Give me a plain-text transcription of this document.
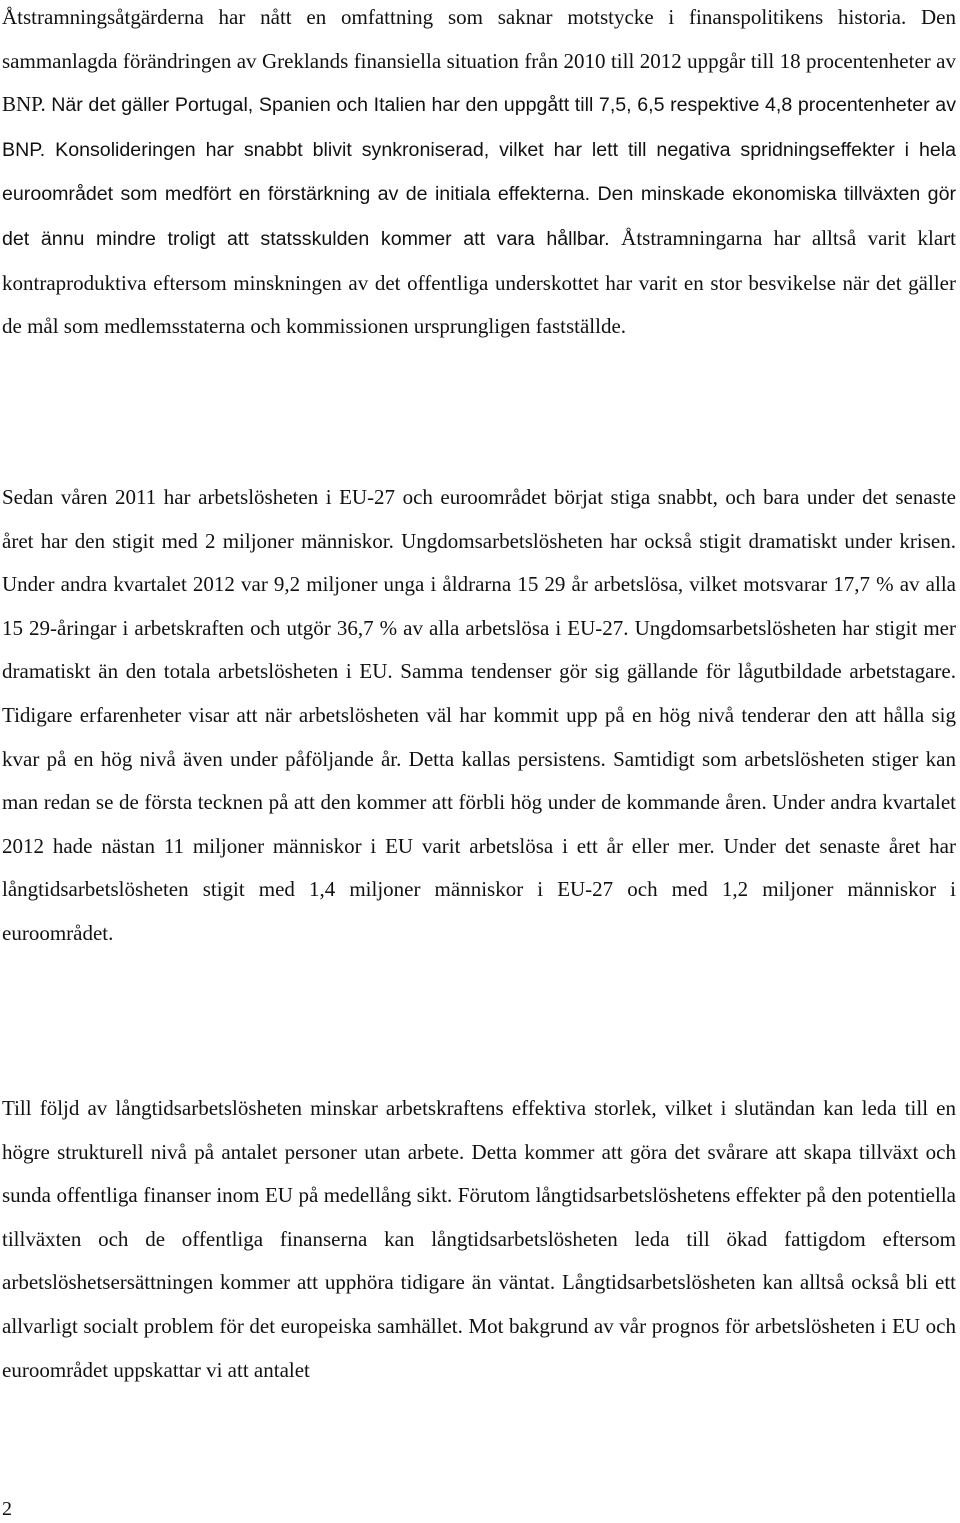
Åtstramningsåtgärderna har nått en omfattning som saknar motstycke i finanspolitikens historia. Den sammanlagda förändringen av Greklands finansiella situation från 2010 till 2012 uppgår till 18 procentenheter av BNP. När det gäller Portugal, Spanien och Italien har den uppgått till 7,5, 6,5 respektive 4,8 procentenheter av BNP. Konsolideringen har snabbt blivit synkroniserad, vilket har lett till negativa spridningseffekter i hela euroområdet som medfört en förstärkning av de initiala effekterna. Den minskade ekonomiska tillväxten gör det ännu mindre troligt att statsskulden kommer att vara hållbar. Åtstramningarna har alltså varit klart kontraproduktiva eftersom minskningen av det offentliga underskottet har varit en stor besvikelse när det gäller de mål som medlemsstaterna och kommissionen ursprungligen fastställde.

Sedan våren 2011 har arbetslösheten i EU-27 och euroområdet börjat stiga snabbt, och bara under det senaste året har den stigit med 2 miljoner människor. Ungdomsarbetslösheten har också stigit dramatiskt under krisen. Under andra kvartalet 2012 var 9,2 miljoner unga i åldrarna 15 29 år arbetslösa, vilket motsvarar 17,7 % av alla 15 29-åringar i arbetskraften och utgör 36,7 % av alla arbetslösa i EU-27. Ungdomsarbetslösheten har stigit mer dramatiskt än den totala arbetslösheten i EU. Samma tendenser gör sig gällande för lågutbildade arbetstagare. Tidigare erfarenheter visar att när arbetslösheten väl har kommit upp på en hög nivå tenderar den att hålla sig kvar på en hög nivå även under påföljande år. Detta kallas persistens. Samtidigt som arbetslösheten stiger kan man redan se de första tecknen på att den kommer att förbli hög under de kommande åren. Under andra kvartalet 2012 hade nästan 11 miljoner människor i EU varit arbetslösa i ett år eller mer. Under det senaste året har långtidsarbetslösheten stigit med 1,4 miljoner människor i EU-27 och med 1,2 miljoner människor i euroområdet.

Till följd av långtidsarbetslösheten minskar arbetskraftens effektiva storlek, vilket i slutändan kan leda till en högre strukturell nivå på antalet personer utan arbete. Detta kommer att göra det svårare att skapa tillväxt och sunda offentliga finanser inom EU på medellång sikt. Förutom långtidsarbetslöshetens effekter på den potentiella tillväxten och de offentliga finanserna kan långtidsarbetslösheten leda till ökad fattigdom eftersom arbetslöshetsersättningen kommer att upphöra tidigare än väntat. Långtidsarbetslösheten kan alltså också bli ett allvarligt socialt problem för det europeiska samhället. Mot bakgrund av vår prognos för arbetslösheten i EU och euroområdet uppskattar vi att antalet

2
